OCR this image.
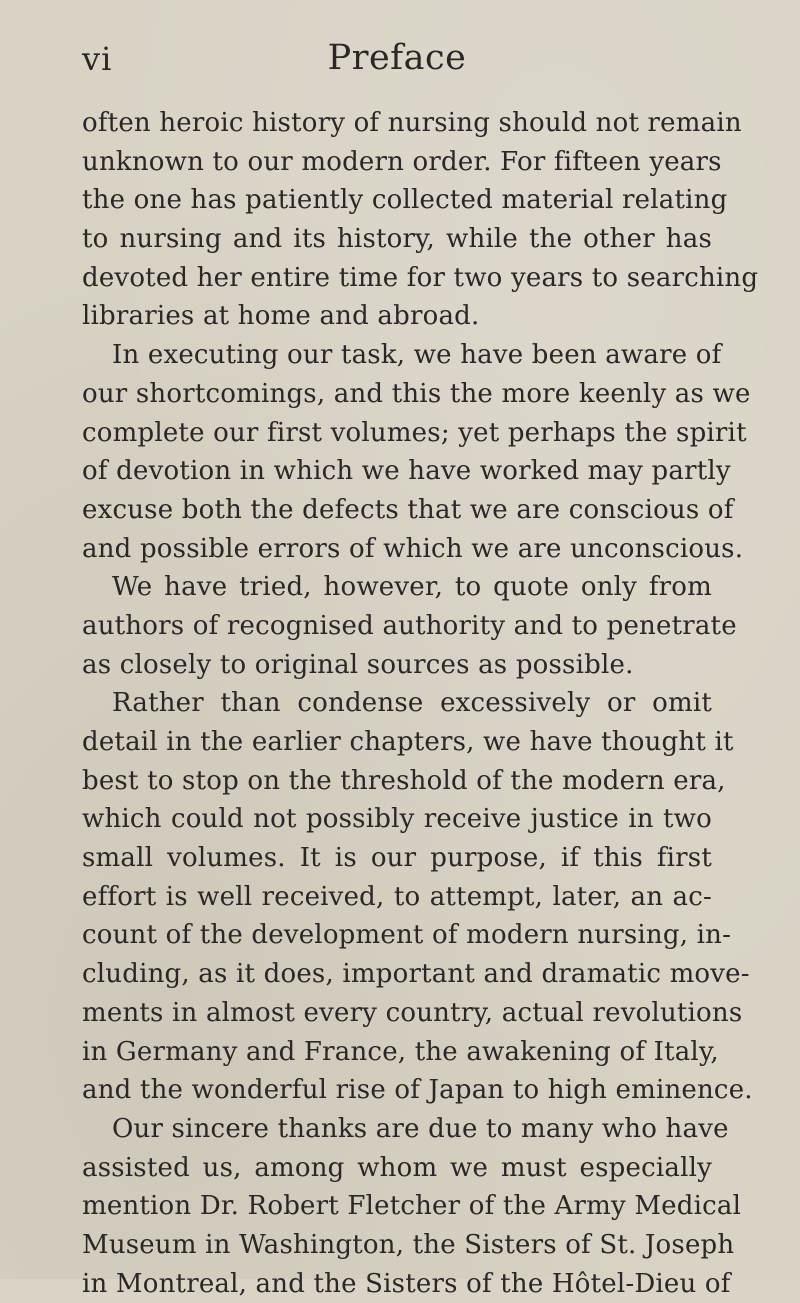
vi	Preface
often heroic history of nursing should not remain
unknown to our modern order. For fifteen years
the one has patiently collected material relating
to nursing and its history, while the other has
devoted her entire time for two years to searching
libraries at home and abroad.
In executing our task, we have been aware of
our shortcomings, and this the more keenly as we
complete our first volumes; yet perhaps the spirit
of devotion in which we have worked may partly
excuse both the defects that we are conscious of
and possible errors of which we are unconscious.
We have tried, however, to quote only from
authors of recognised authority and to penetrate
as closely to original sources as possible.
Rather than condense excessively or omit
detail in the earlier chapters, we have thought it
best to stop on the threshold of the modern era,
which could not possibly receive justice in two
small volumes. It is our purpose, if this first
effort is well received, to attempt, later, an ac-
count of the development of modern nursing, in-
cluding, as it does, important and dramatic move-
ments in almost every country, actual revolutions
in Germany and France, the awakening of Italy,
and the wonderful rise of Japan to high eminence.
Our sincere thanks are due to many who have
assisted us, among whom we must especially
mention Dr. Robert Fletcher of the Army Medical
Museum in Washington, the Sisters of St. Joseph
in Montreal, and the Sisters of the Hôtel-Dieu of
